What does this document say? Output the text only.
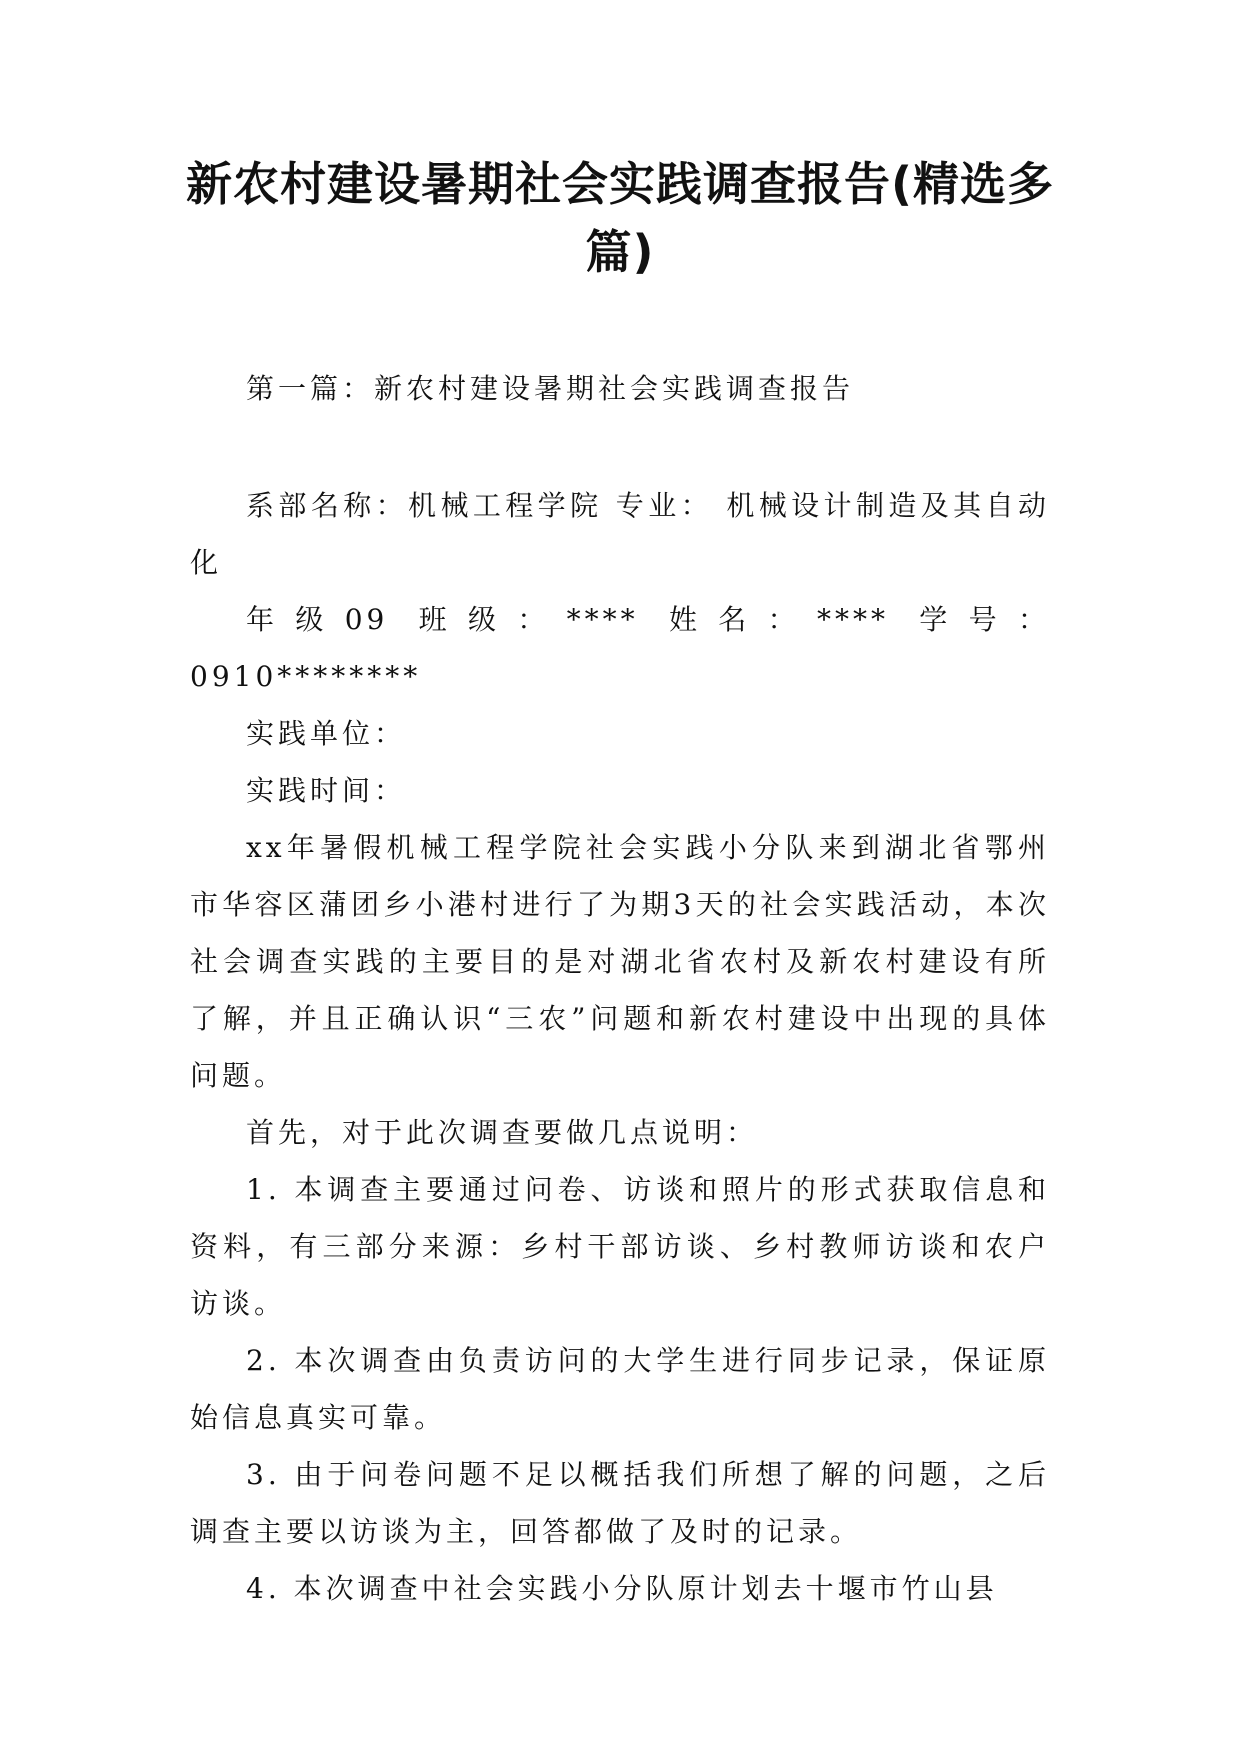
新农村建设暑期社会实践调查报告(精选多篇)

第一篇：新农村建设暑期社会实践调查报告

系部名称：机械工程学院 专业： 机械设计制造及其自动化

年级09 班级：**** 姓名：**** 学号：0910********

实践单位：

实践时间：

xx年暑假机械工程学院社会实践小分队来到湖北省鄂州市华容区蒲团乡小港村进行了为期3天的社会实践活动，本次社会调查实践的主要目的是对湖北省农村及新农村建设有所了解，并且正确认识“三农”问题和新农村建设中出现的具体问题。

首先，对于此次调查要做几点说明：

1. 本调查主要通过问卷、访谈和照片的形式获取信息和资料，有三部分来源：乡村干部访谈、乡村教师访谈和农户访谈。

2. 本次调查由负责访问的大学生进行同步记录，保证原始信息真实可靠。

3. 由于问卷问题不足以概括我们所想了解的问题，之后调查主要以访谈为主，回答都做了及时的记录。

4. 本次调查中社会实践小分队原计划去十堰市竹山县
